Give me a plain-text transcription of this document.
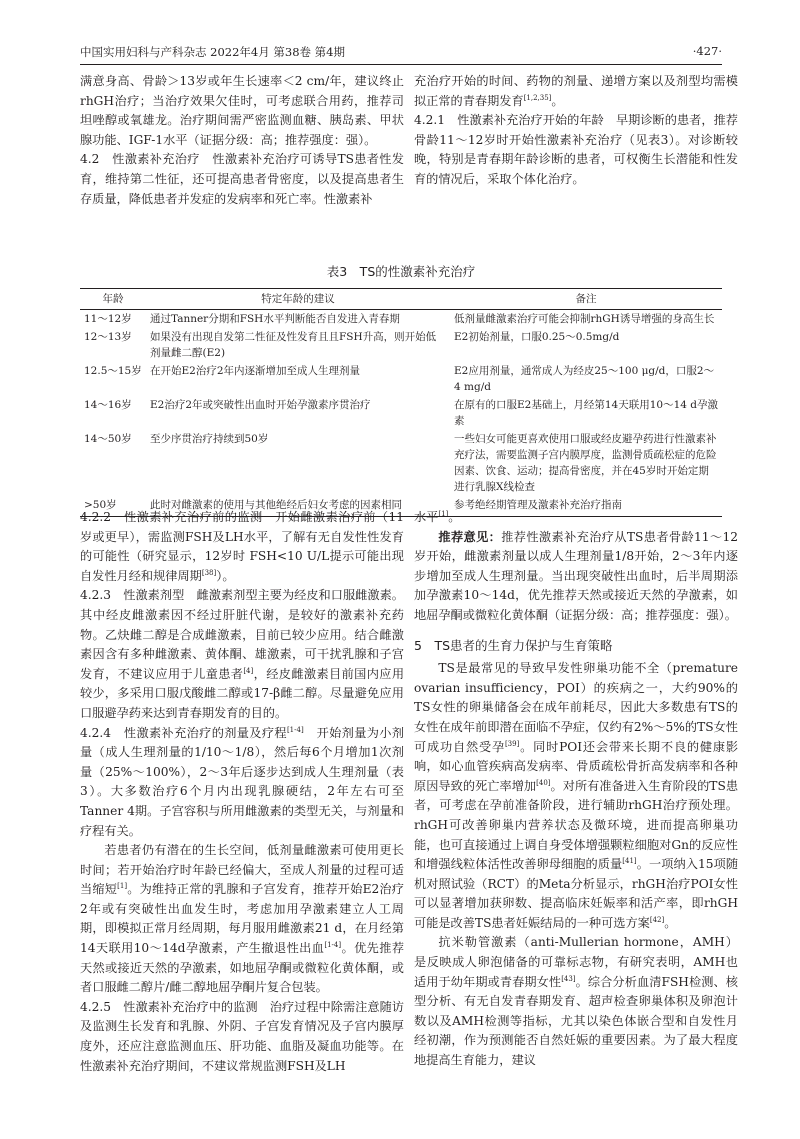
中国实用妇科与产科杂志 2022年4月 第38卷 第4期	·427·

满意身高、骨龄＞13岁或年生长速率＜2 cm/年，建议终止rhGH治疗；当治疗效果欠佳时，可考虑联合用药，推荐司坦唑醇或氧雄龙。治疗期间需严密监测血糖、胰岛素、甲状腺功能、IGF-1水平（证据分级：高；推荐强度：强）。

4.2　性激素补充治疗　性激素补充治疗可诱导TS患者性发育，维持第二性征，还可提高患者骨密度，以及提高患者生存质量，降低患者并发症的发病率和死亡率。性激素补

充治疗开始的时间、药物的剂量、递增方案以及剂型均需模拟正常的青春期发育[1,2,35]。

4.2.1　性激素补充治疗开始的年龄　早期诊断的患者，推荐骨龄11～12岁时开始性激素补充治疗（见表3）。对诊断较晚，特别是青春期年龄诊断的患者，可权衡生长潜能和性发育的情况后，采取个体化治疗。

表3　TS的性激素补充治疗
年龄	特定年龄的建议	备注
11～12岁	通过Tanner分期和FSH水平判断能否自发进入青春期	低剂量雌激素治疗可能会抑制rhGH诱导增强的身高生长
12～13岁	如果没有出现自发第二性征及性发育且且FSH升高，则开始低剂量雌二醇(E2)	E2初始剂量，口服0.25～0.5mg/d
12.5～15岁	在开始E2治疗2年内逐渐增加至成人生理剂量	E2应用剂量，通常成人为经皮25～100 μg/d，口服2～4 mg/d
14～16岁	E2治疗2年或突破性出血时开始孕激素序贯治疗	在原有的口服E2基础上，月经第14天联用10～14 d孕激素
14～50岁	至少序贯治疗持续到50岁	一些妇女可能更喜欢使用口服或经皮避孕药进行性激素补充疗法，需要监测子宫内膜厚度，监测骨质疏松症的危险因素、饮食、运动；提高骨密度，并在45岁时开始定期进行乳腺X线检查
>50岁	此时对雌激素的使用与其他绝经后妇女考虑的因素相同	参考绝经期管理及激素补充治疗指南

4.2.2　性激素补充治疗前的监测　开始雌激素治疗前（11岁或更早），需监测FSH及LH水平，了解有无自发性性发育的可能性（研究显示，12岁时 FSH<10 U/L提示可能出现自发性月经和规律周期[38]）。

4.2.3　性激素剂型　雌激素剂型主要为经皮和口服雌激素。其中经皮雌激素因不经过肝脏代谢，是较好的激素补充药物。乙炔雌二醇是合成雌激素，目前已较少应用。结合雌激素因含有多种雌激素、黄体酮、雄激素，可干扰乳腺和子宫发育，不建议应用于儿童患者[4]，经皮雌激素目前国内应用较少，多采用口服戊酸雌二醇或17-β雌二醇。尽量避免应用口服避孕药来达到青春期发育的目的。

4.2.4　性激素补充治疗的剂量及疗程[1-4]　开始剂量为小剂量（成人生理剂量的1/10～1/8），然后每6个月增加1次剂量（25%～100%），2～3年后逐步达到成人生理剂量（表3）。大多数治疗6个月内出现乳腺硬结，2年左右可至Tanner 4期。子宫容积与所用雌激素的类型无关，与剂量和疗程有关。

若患者仍有潜在的生长空间，低剂量雌激素可使用更长时间；若开始治疗时年龄已经偏大，至成人剂量的过程可适当缩短[1]。为维持正常的乳腺和子宫发育，推荐开始E2治疗2年或有突破性出血发生时，考虑加用孕激素建立人工周期，即模拟正常月经周期，每月服用雌激素21 d，在月经第14天联用10～14d孕激素，产生撤退性出血[1-4]。优先推荐天然或接近天然的孕激素，如地屈孕酮或微粒化黄体酮，或者口服雌二醇片/雌二醇地屈孕酮片复合包装。

4.2.5　性激素补充治疗中的监测　治疗过程中除需注意随访及监测生长发育和乳腺、外阴、子宫发育情况及子宫内膜厚度外，还应注意监测血压、肝功能、血脂及凝血功能等。在性激素补充治疗期间，不建议常规监测FSH及LH

水平[1]。

推荐意见：推荐性激素补充治疗从TS患者骨龄11～12岁开始，雌激素剂量以成人生理剂量1/8开始，2～3年内逐步增加至成人生理剂量。当出现突破性出血时，后半周期添加孕激素10～14d，优先推荐天然或接近天然的孕激素，如地屈孕酮或微粒化黄体酮（证据分级：高；推荐强度：强）。

5　TS患者的生育力保护与生育策略

TS是最常见的导致早发性卵巢功能不全（premature ovarian insufficiency，POI）的疾病之一，大约90%的TS女性的卵巢储备会在成年前耗尽，因此大多数患有TS的女性在成年前即潜在面临不孕症，仅约有2%～5%的TS女性可成功自然受孕[39]。同时POI还会带来长期不良的健康影响，如心血管疾病高发病率、骨质疏松骨折高发病率和各种原因导致的死亡率增加[40]。对所有准备进入生育阶段的TS患者，可考虑在孕前准备阶段，进行辅助rhGH治疗预处理。rhGH可改善卵巢内营养状态及微环境，进而提高卵巢功能，也可直接通过上调自身受体增强颗粒细胞对Gn的反应性和增强线粒体活性改善卵母细胞的质量[41]。一项纳入15项随机对照试验（RCT）的Meta分析显示，rhGH治疗POI女性可以显著增加获卵数、提高临床妊娠率和活产率，即rhGH可能是改善TS患者妊娠结局的一种可选方案[42]。

抗米勒管激素（anti-Mullerian hormone，AMH）是反映成人卵泡储备的可靠标志物，有研究表明，AMH也适用于幼年期或青春期女性[43]。综合分析血清FSH检测、核型分析、有无自发青春期发育、超声检查卵巢体积及卵泡计数以及AMH检测等指标，尤其以染色体嵌合型和自发性月经初潮，作为预测能否自然妊娠的重要因素。为了最大程度地提高生育能力，建议
